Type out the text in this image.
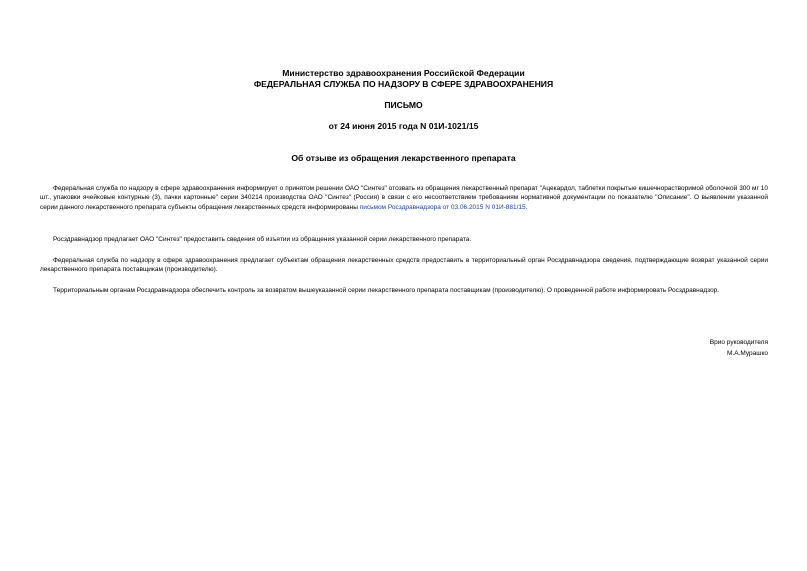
Министерство здравоохранения Российской Федерации
ФЕДЕРАЛЬНАЯ СЛУЖБА ПО НАДЗОРУ В СФЕРЕ ЗДРАВООХРАНЕНИЯ
ПИСЬМО
от 24 июня 2015 года N 01И-1021/15
Об отзыве из обращения лекарственного препарата

Федеральная служба по надзору в сфере здравоохранения информирует о принятом решении ОАО "Синтез" отозвать из обращения лекарственный препарат "Ацекардол, таблетки покрытые кишечнорастворимой оболочкой 300 мг 10 шт., упаковки ячейковые контурные (3), пачки картонные" серии 340214 производства ОАО "Синтез" (Россия) в связи с его несоответствием требованиям нормативной документации по показателю "Описание". О выявлении указанной серии данного лекарственного препарата субъекты обращения лекарственных средств информированы письмом Росздравнадзора от 03.06.2015 N 01И-881/15.

Росздравнадзор предлагает ОАО "Синтез" предоставить сведения об изъятии из обращения указанной серии лекарственного препарата.

Федеральная служба по надзору в сфере здравоохранения предлагает субъектам обращения лекарственных средств предоставить в территориальный орган Росздравнадзора сведения, подтверждающие возврат указанной серии лекарственного препарата поставщикам (производителю).

Территориальным органам Росздравнадзора обеспечить контроль за возвратом вышеуказанной серии лекарственного препарата поставщикам (производителю). О проведенной работе информировать Росздравнадзор.

Врио руководителя
М.А.Мурашко
